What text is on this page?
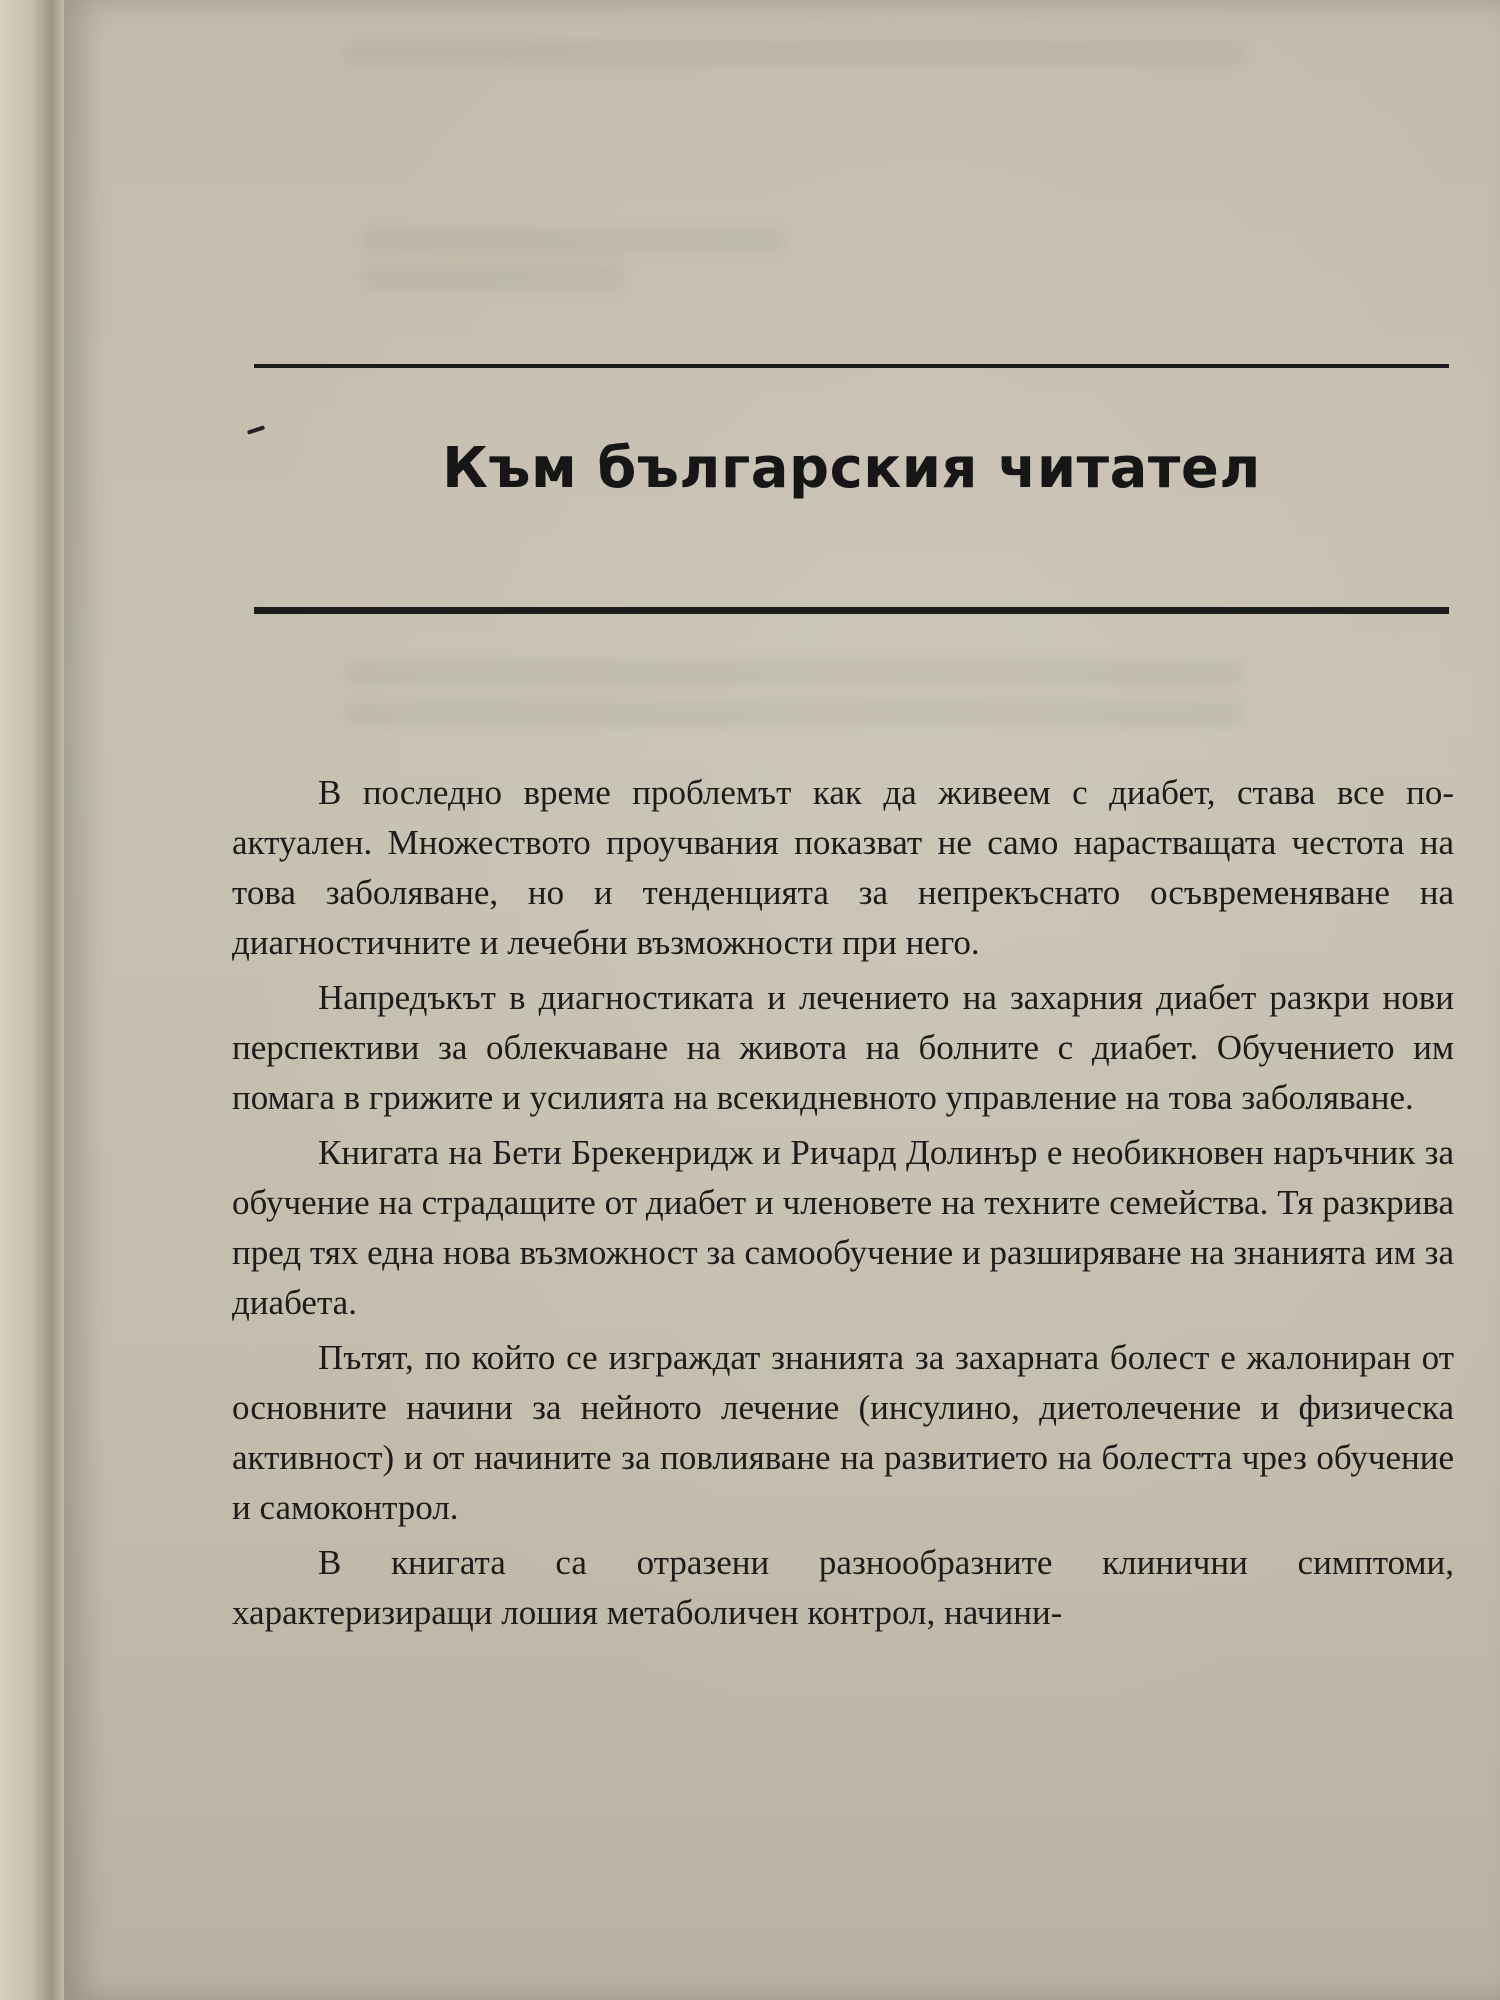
Към българския читател

В последно време проблемът как да живеем с диабет, става все по-актуален. Множеството проучвания показват не само нарастващата честота на това заболяване, но и тенденцията за непрекъснато осъвременяване на диагностичните и лечебни възможности при него.

Напредъкът в диагностиката и лечението на захарния диабет разкри нови перспективи за облекчаване на живота на болните с диабет. Обучението им помага в грижите и усилията на всекидневното управление на това заболяване.

Книгата на Бети Брекенридж и Ричард Долинър е необикновен наръчник за обучение на страдащите от диабет и членовете на техните семейства. Тя разкрива пред тях една нова възможност за самообучение и разширяване на знанията им за диабета.

Пътят, по който се изграждат знанията за захарната болест е жалониран от основните начини за нейното лечение (инсулино, диетолечение и физическа активност) и от начините за повлияване на развитието на болестта чрез обучение и самоконтрол.

В книгата са отразени разнообразните клинични симптоми, характеризиращи лошия метаболичен контрол, начини-
